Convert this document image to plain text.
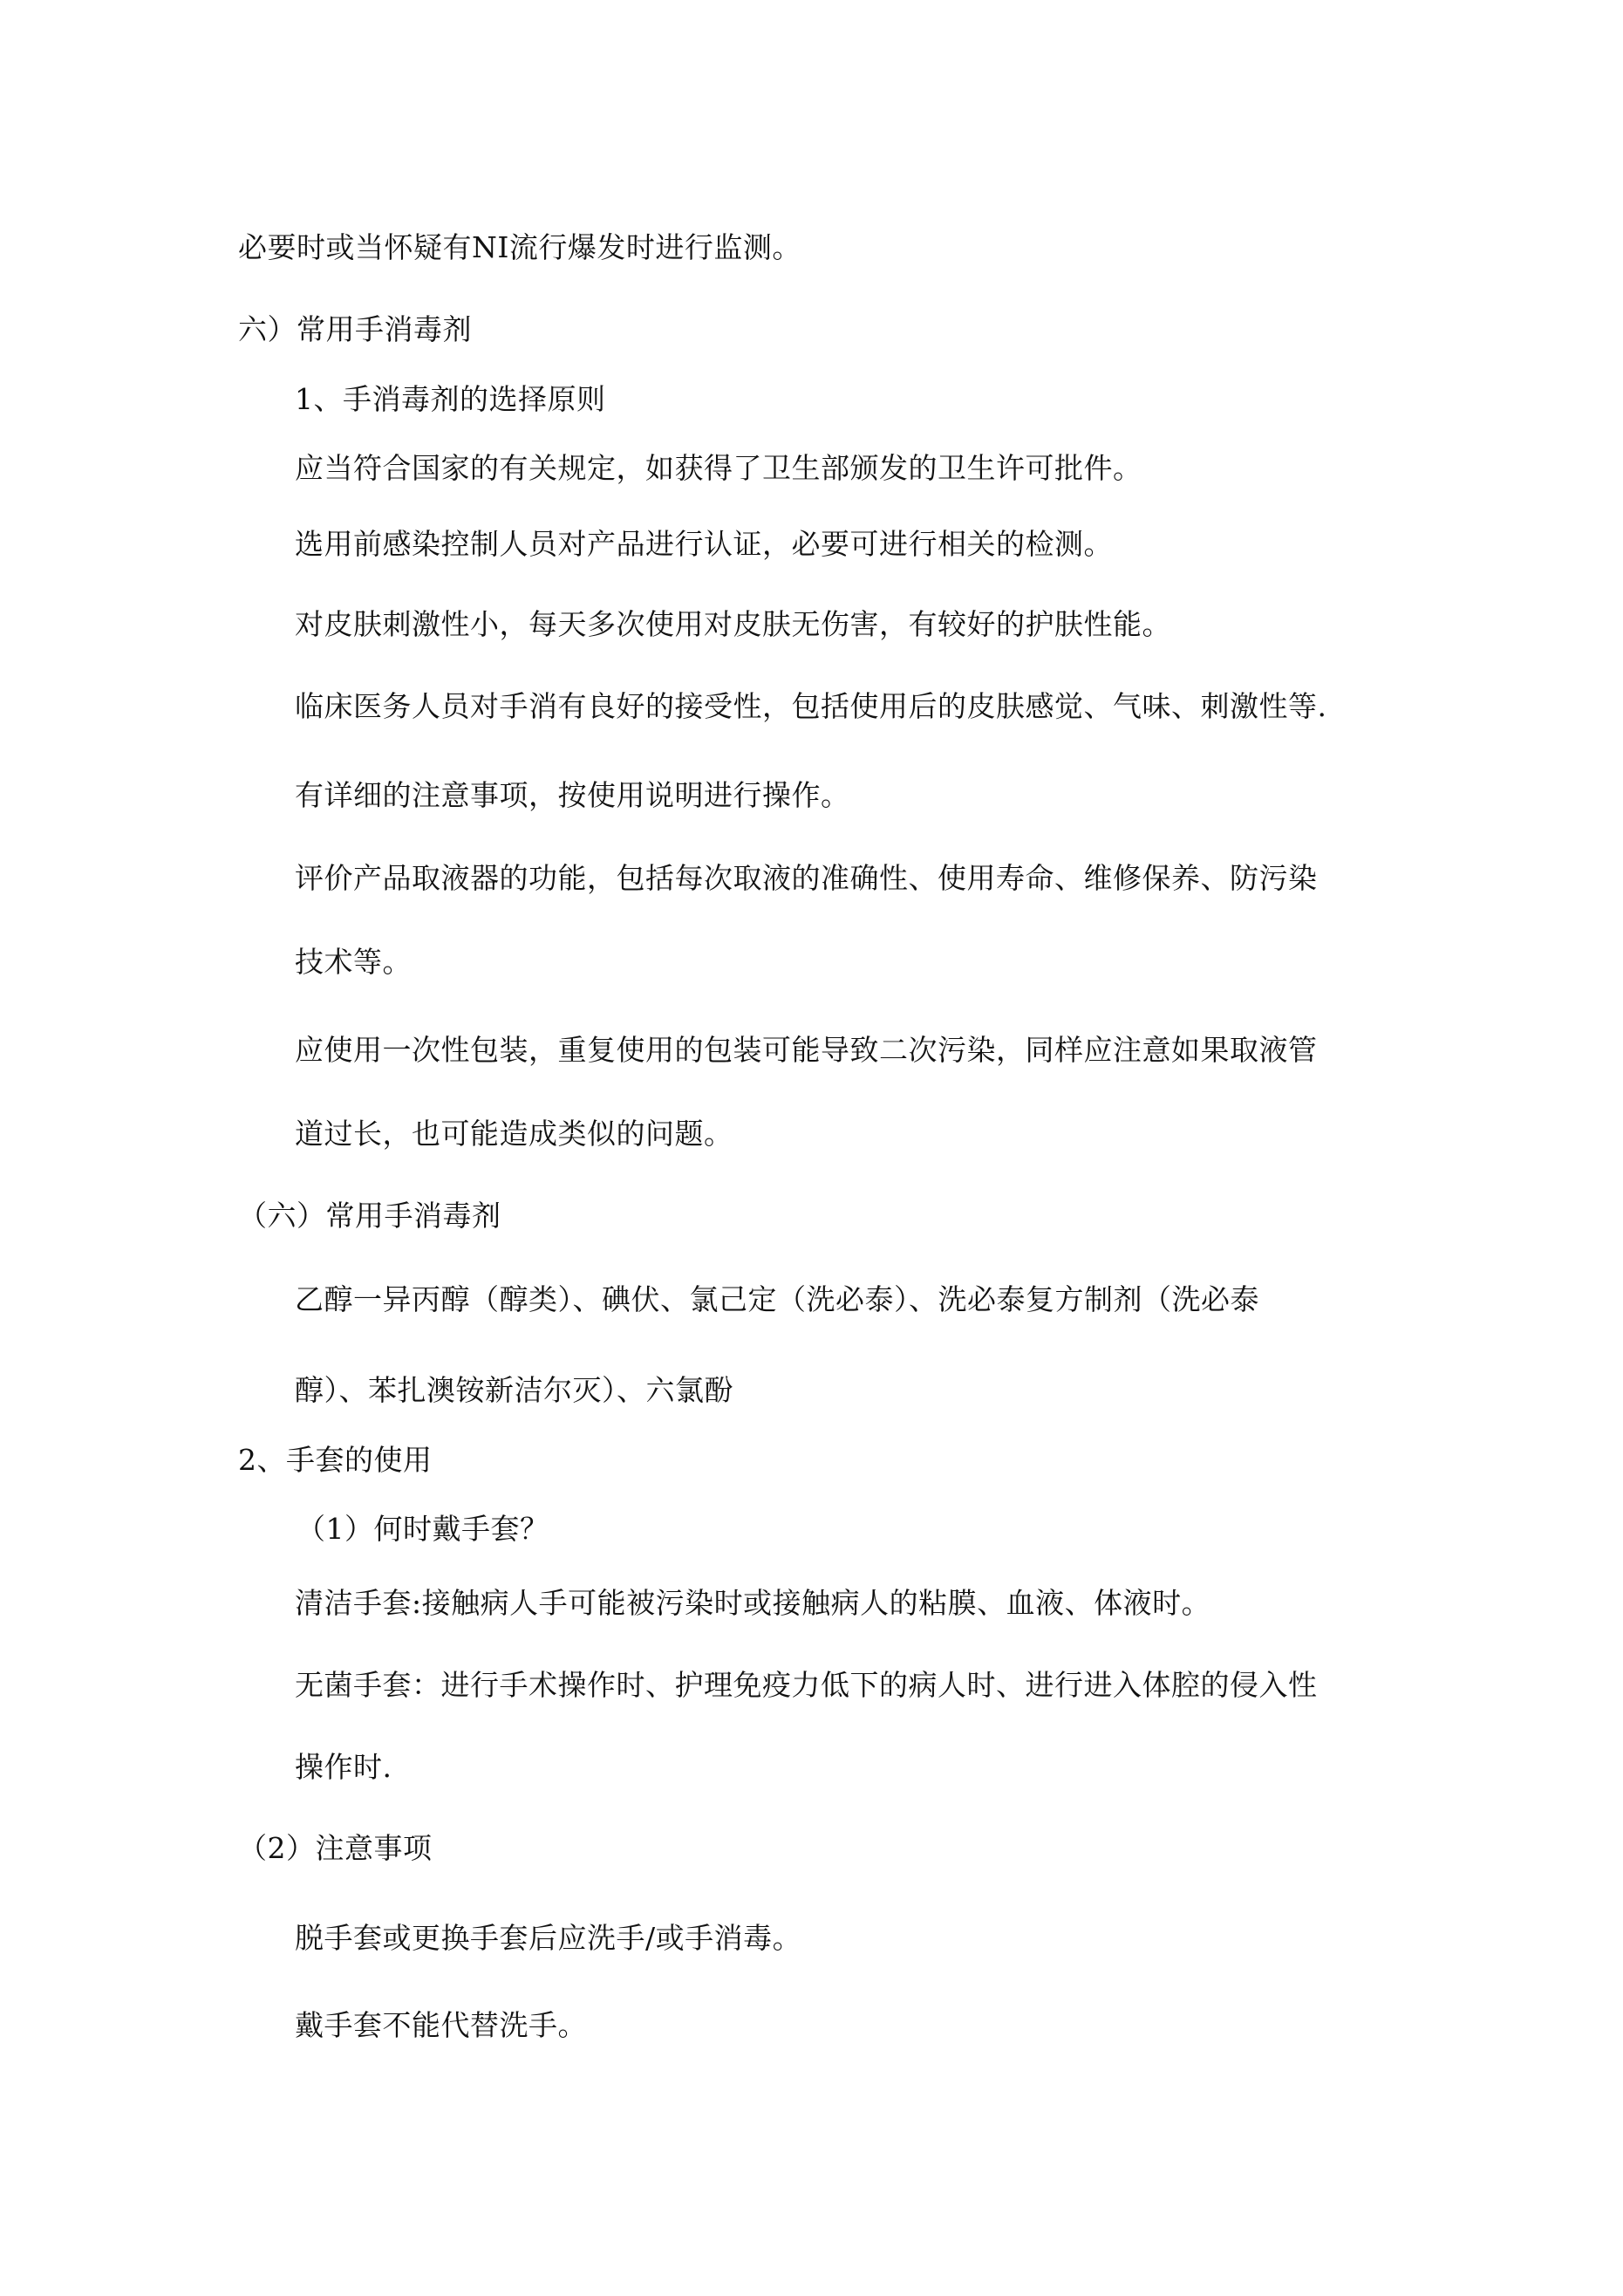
必要时或当怀疑有NI流行爆发时进行监测。
六）常用手消毒剂
1、手消毒剂的选择原则
应当符合国家的有关规定，如获得了卫生部颁发的卫生许可批件。
选用前感染控制人员对产品进行认证，必要可进行相关的检测。
对皮肤刺激性小，每天多次使用对皮肤无伤害，有较好的护肤性能。
临床医务人员对手消有良好的接受性，包括使用后的皮肤感觉、气味、刺激性等.
有详细的注意事项，按使用说明进行操作。
评价产品取液器的功能，包括每次取液的准确性、使用寿命、维修保养、防污染
技术等。
应使用一次性包装，重复使用的包装可能导致二次污染，同样应注意如果取液管
道过长，也可能造成类似的问题。
（六）常用手消毒剂
乙醇一异丙醇（醇类）、碘伏、氯己定（洗必泰）、洗必泰复方制剂（洗必泰
醇）、苯扎澳铵新洁尔灭）、六氯酚
2、手套的使用
（1）何时戴手套？
清洁手套:接触病人手可能被污染时或接触病人的粘膜、血液、体液时。
无菌手套：进行手术操作时、护理免疫力低下的病人时、进行进入体腔的侵入性
操作时.
（2）注意事项
脱手套或更换手套后应洗手/或手消毒。
戴手套不能代替洗手。
